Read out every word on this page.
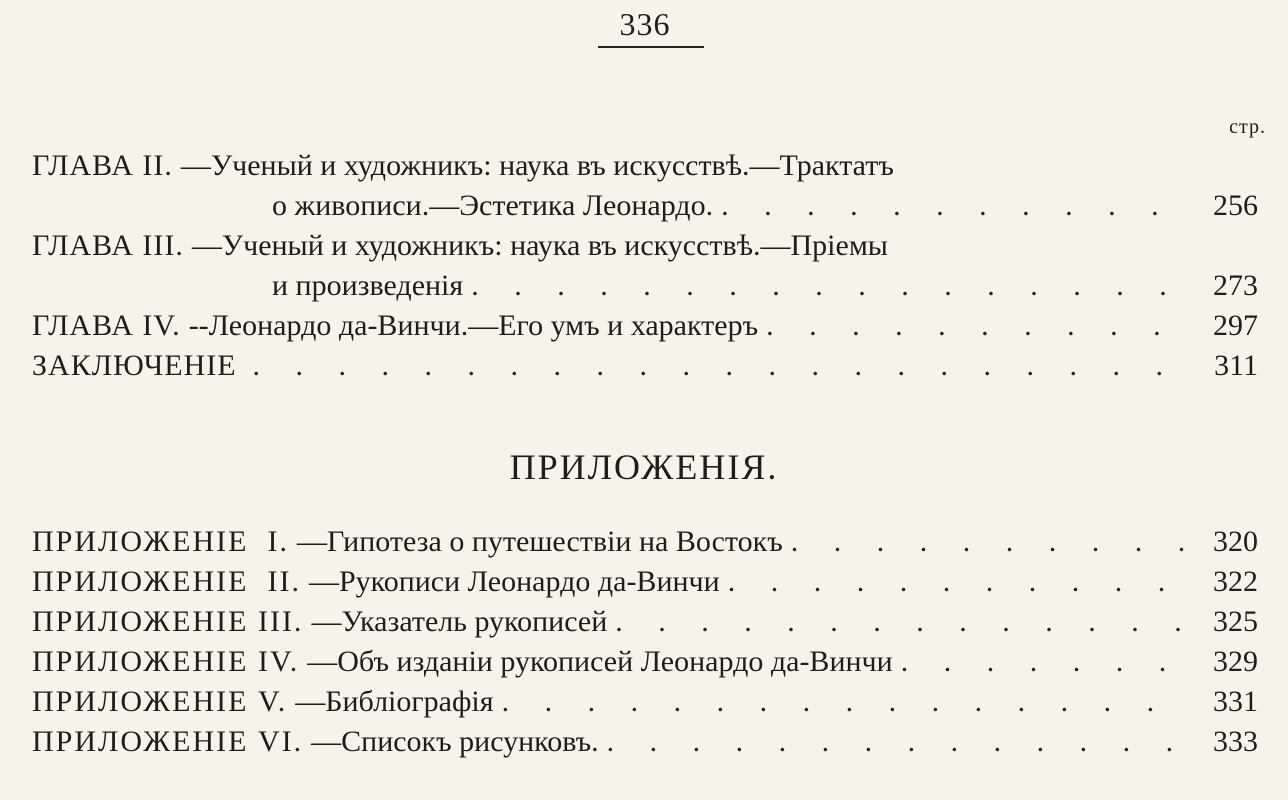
336
стр.
ГЛАВА II. —Ученый и художникъ: наука въ искусствѣ.—Трактатъ
о живописи.—Эстетика Леонардо. . . .	256
ГЛАВА III. —Ученый и художникъ: наука въ искусствѣ.—Пріемы
и произведенія . . .	273
ГЛАВА IV. --Леонардо да-Винчи.—Его умъ и характеръ . . .	297
ЗАКЛЮЧЕНІЕ . . .	311
ПРИЛОЖЕНІЯ.
ПРИЛОЖЕНІЕ  I. —Гипотеза о путешествіи на Востокъ . . .	320
ПРИЛОЖЕНІЕ  II. —Рукописи Леонардо да-Винчи . . .	322
ПРИЛОЖЕНІЕ III. —Указатель рукописей . . .	325
ПРИЛОЖЕНІЕ IV. —Объ изданіи рукописей Леонардо да-Винчи . . .	329
ПРИЛОЖЕНІЕ V. —Библіографія . . .	331
ПРИЛОЖЕНІЕ VI. —Списокъ рисунковъ. . . .	333
